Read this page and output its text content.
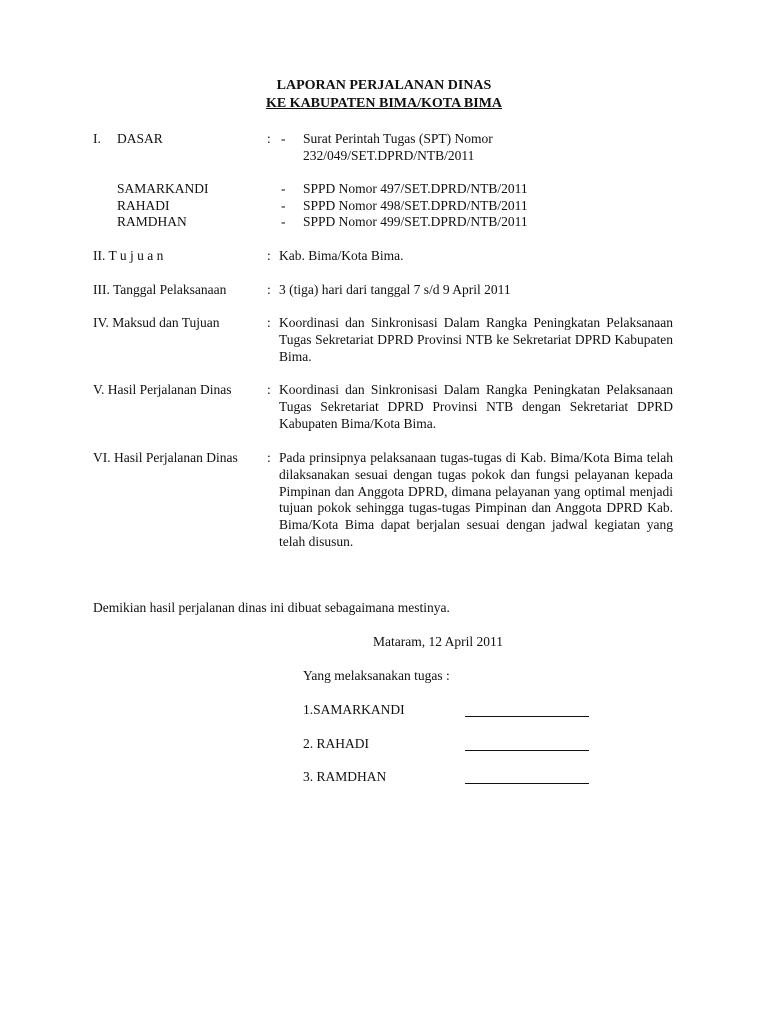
LAPORAN PERJALANAN DINAS
KE KABUPATEN BIMA/KOTA BIMA
I. DASAR	: - Surat Perintah Tugas (SPT) Nomor
232/049/SET.DPRD/NTB/2011
SAMARKANDI	- SPPD Nomor 497/SET.DPRD/NTB/2011
RAHADI	- SPPD Nomor 498/SET.DPRD/NTB/2011
RAMDHAN	- SPPD Nomor 499/SET.DPRD/NTB/2011
II. T u j u a n	: Kab. Bima/Kota Bima.
III. Tanggal Pelaksanaan	: 3 (tiga) hari dari tanggal 7 s/d 9 April 2011
IV. Maksud dan Tujuan	: Koordinasi dan Sinkronisasi Dalam Rangka Peningkatan Pelaksanaan Tugas Sekretariat DPRD Provinsi NTB ke Sekretariat DPRD Kabupaten Bima.

V. Hasil Perjalanan Dinas	: Koordinasi dan Sinkronisasi Dalam Rangka Peningkatan Pelaksanaan Tugas Sekretariat DPRD Provinsi NTB dengan Sekretariat DPRD Kabupaten Bima/Kota Bima.

VI. Hasil Perjalanan Dinas : Pada prinsipnya pelaksanaan tugas-tugas di Kab. Bima/Kota Bima telah dilaksanakan sesuai dengan tugas pokok dan fungsi pelayanan kepada Pimpinan dan Anggota DPRD, dimana pelayanan yang optimal menjadi tujuan pokok sehingga tugas-tugas Pimpinan dan Anggota DPRD Kab. Bima/Kota Bima dapat berjalan sesuai dengan jadwal kegiatan yang telah disusun.

Demikian hasil perjalanan dinas ini dibuat sebagaimana mestinya.
Mataram, 12 April 2011
Yang melaksanakan tugas :
1.SAMARKANDI
2. RAHADI
3. RAMDHAN
